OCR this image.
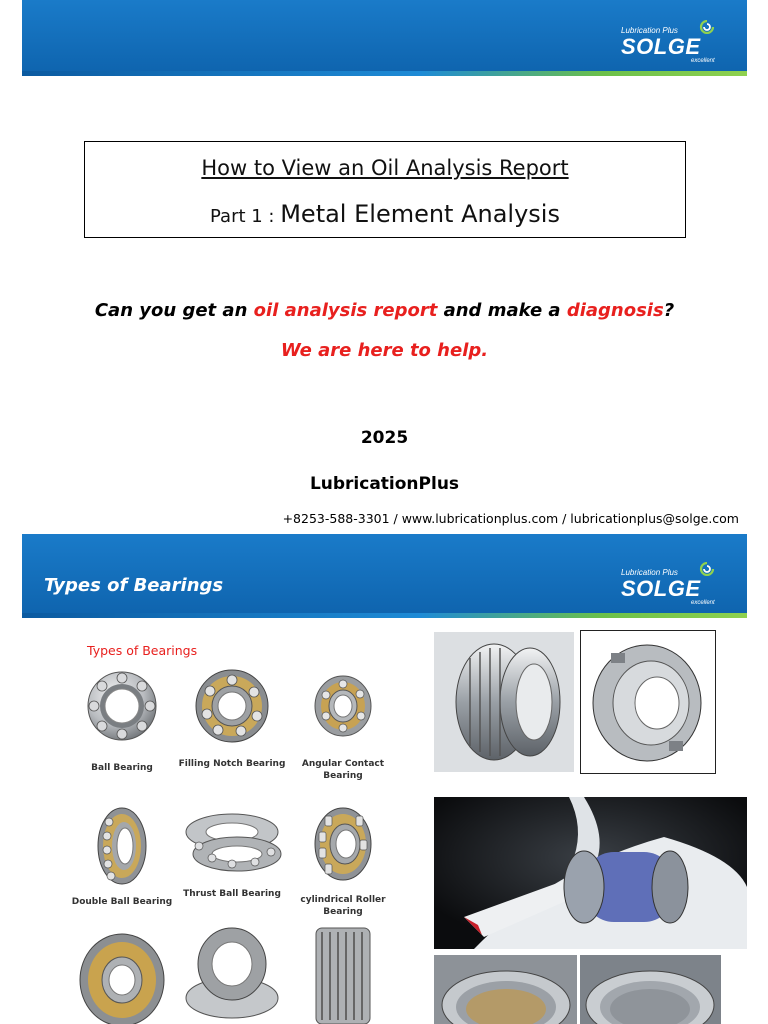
Lubrication Plus
SOLGE
excellent
How to View an Oil Analysis Report
Part 1 : Metal Element Analysis
Can you get an oil analysis report and make a diagnosis?
We are here to help.
2025
LubricationPlus
+8253-588-3301 / www.lubricationplus.com / lubricationplus@solge.com
Types of Bearings
Lubrication Plus
SOLGE
excellent
Types of Bearings
Ball Bearing	Filling Notch Bearing	Angular Contact Bearing
Double Ball Bearing
Thrust Ball Bearing
cylindrical Roller Bearing
